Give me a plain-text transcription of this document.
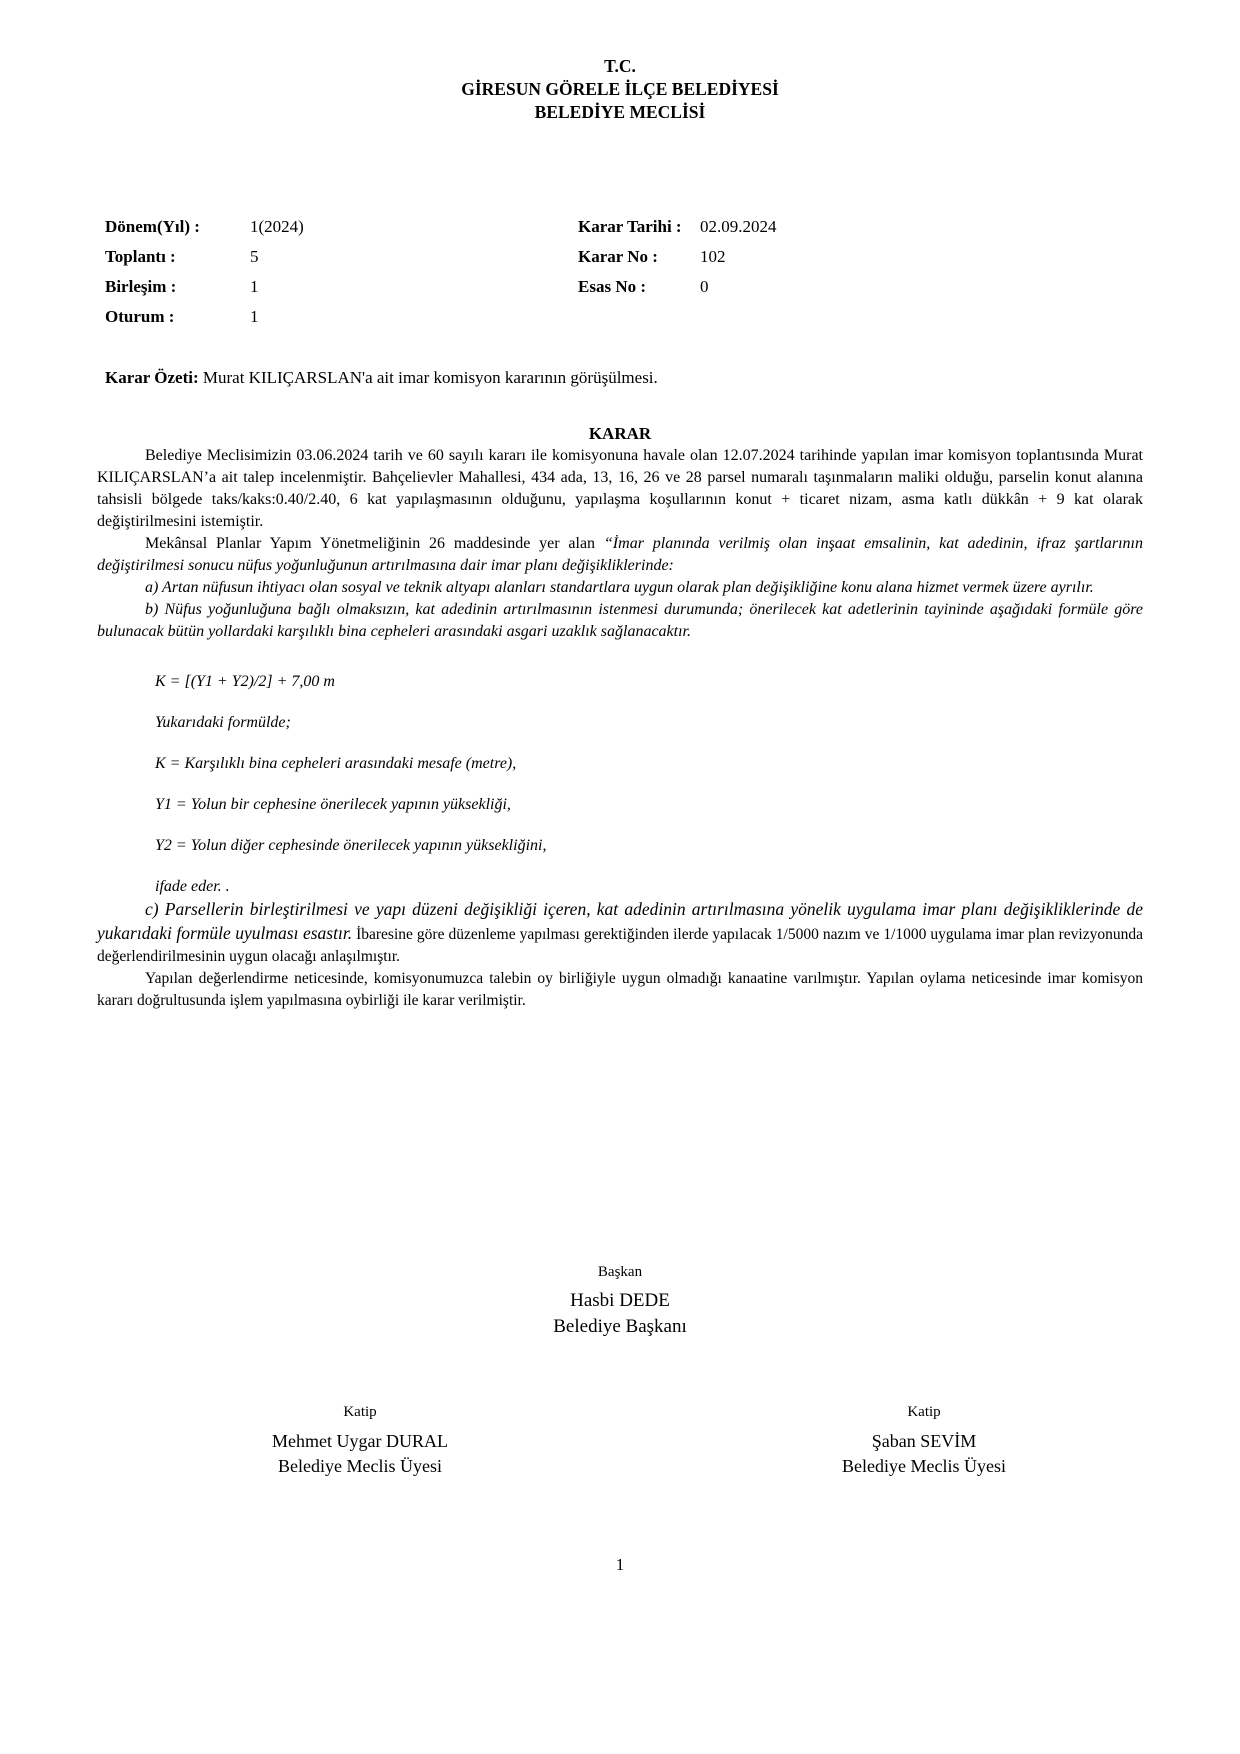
T.C.
GİRESUN GÖRELE İLÇE BELEDİYESİ
BELEDİYE MECLİSİ
Dönem(Yıl) :	1(2024)
Toplantı :	5
Birleşim :	1
Oturum :	1
Karar Tarihi : 02.09.2024
Karar No : 102
Esas No :	0
Karar Özeti: Murat KILIÇARSLAN'a ait imar komisyon kararının görüşülmesi.
KARAR

Belediye Meclisimizin 03.06.2024 tarih ve 60 sayılı kararı ile komisyonuna havale olan 12.07.2024 tarihinde yapılan imar komisyon toplantısında Murat KILIÇARSLAN’a ait talep incelenmiştir. Bahçelievler Mahallesi, 434 ada, 13, 16, 26 ve 28 parsel numaralı taşınmaların maliki olduğu, parselin konut alanına tahsisli bölgede taks/kaks:0.40/2.40, 6 kat yapılaşmasının olduğunu, yapılaşma koşullarının konut + ticaret nizam, asma katlı dükkân + 9 kat olarak değiştirilmesini istemiştir.

Mekânsal Planlar Yapım Yönetmeliğinin 26 maddesinde yer alan “İmar planında verilmiş olan inşaat emsalinin, kat adedinin, ifraz şartlarının değiştirilmesi sonucu nüfus yoğunluğunun artırılmasına dair imar planı değişikliklerinde:

a) Artan nüfusun ihtiyacı olan sosyal ve teknik altyapı alanları standartlara uygun olarak plan değişikliğine konu alana hizmet vermek üzere ayrılır.

b) Nüfus yoğunluğuna bağlı olmaksızın, kat adedinin artırılmasının istenmesi durumunda; önerilecek kat adetlerinin tayininde aşağıdaki formüle göre bulunacak bütün yollardaki karşılıklı bina cepheleri arasındaki asgari uzaklık sağlanacaktır.

K = [(Y1 + Y2)/2] + 7,00 m

Yukarıdaki formülde;

K = Karşılıklı bina cepheleri arasındaki mesafe (metre),

Y1 = Yolun bir cephesine önerilecek yapının yüksekliği,

Y2 = Yolun diğer cephesinde önerilecek yapının yüksekliğini,

ifade eder. .

c) Parsellerin birleştirilmesi ve yapı düzeni değişikliği içeren, kat adedinin artırılmasına yönelik uygulama imar planı değişikliklerinde de yukarıdaki formüle uyulması esastır. İbaresine göre düzenleme yapılması gerektiğinden ilerde yapılacak 1/5000 nazım ve 1/1000 uygulama imar plan revizyonunda değerlendirilmesinin uygun olacağı anlaşılmıştır.

Yapılan değerlendirme neticesinde, komisyonumuzca talebin oy birliğiyle uygun olmadığı kanaatine varılmıştır. Yapılan oylama neticesinde imar komisyon kararı doğrultusunda işlem yapılmasına oybirliği ile karar verilmiştir.

Başkan
Hasbi DEDE
Belediye Başkanı
Katip
Mehmet Uygar DURAL
Belediye Meclis Üyesi
Katip
Şaban SEVİM
Belediye Meclis Üyesi
1
